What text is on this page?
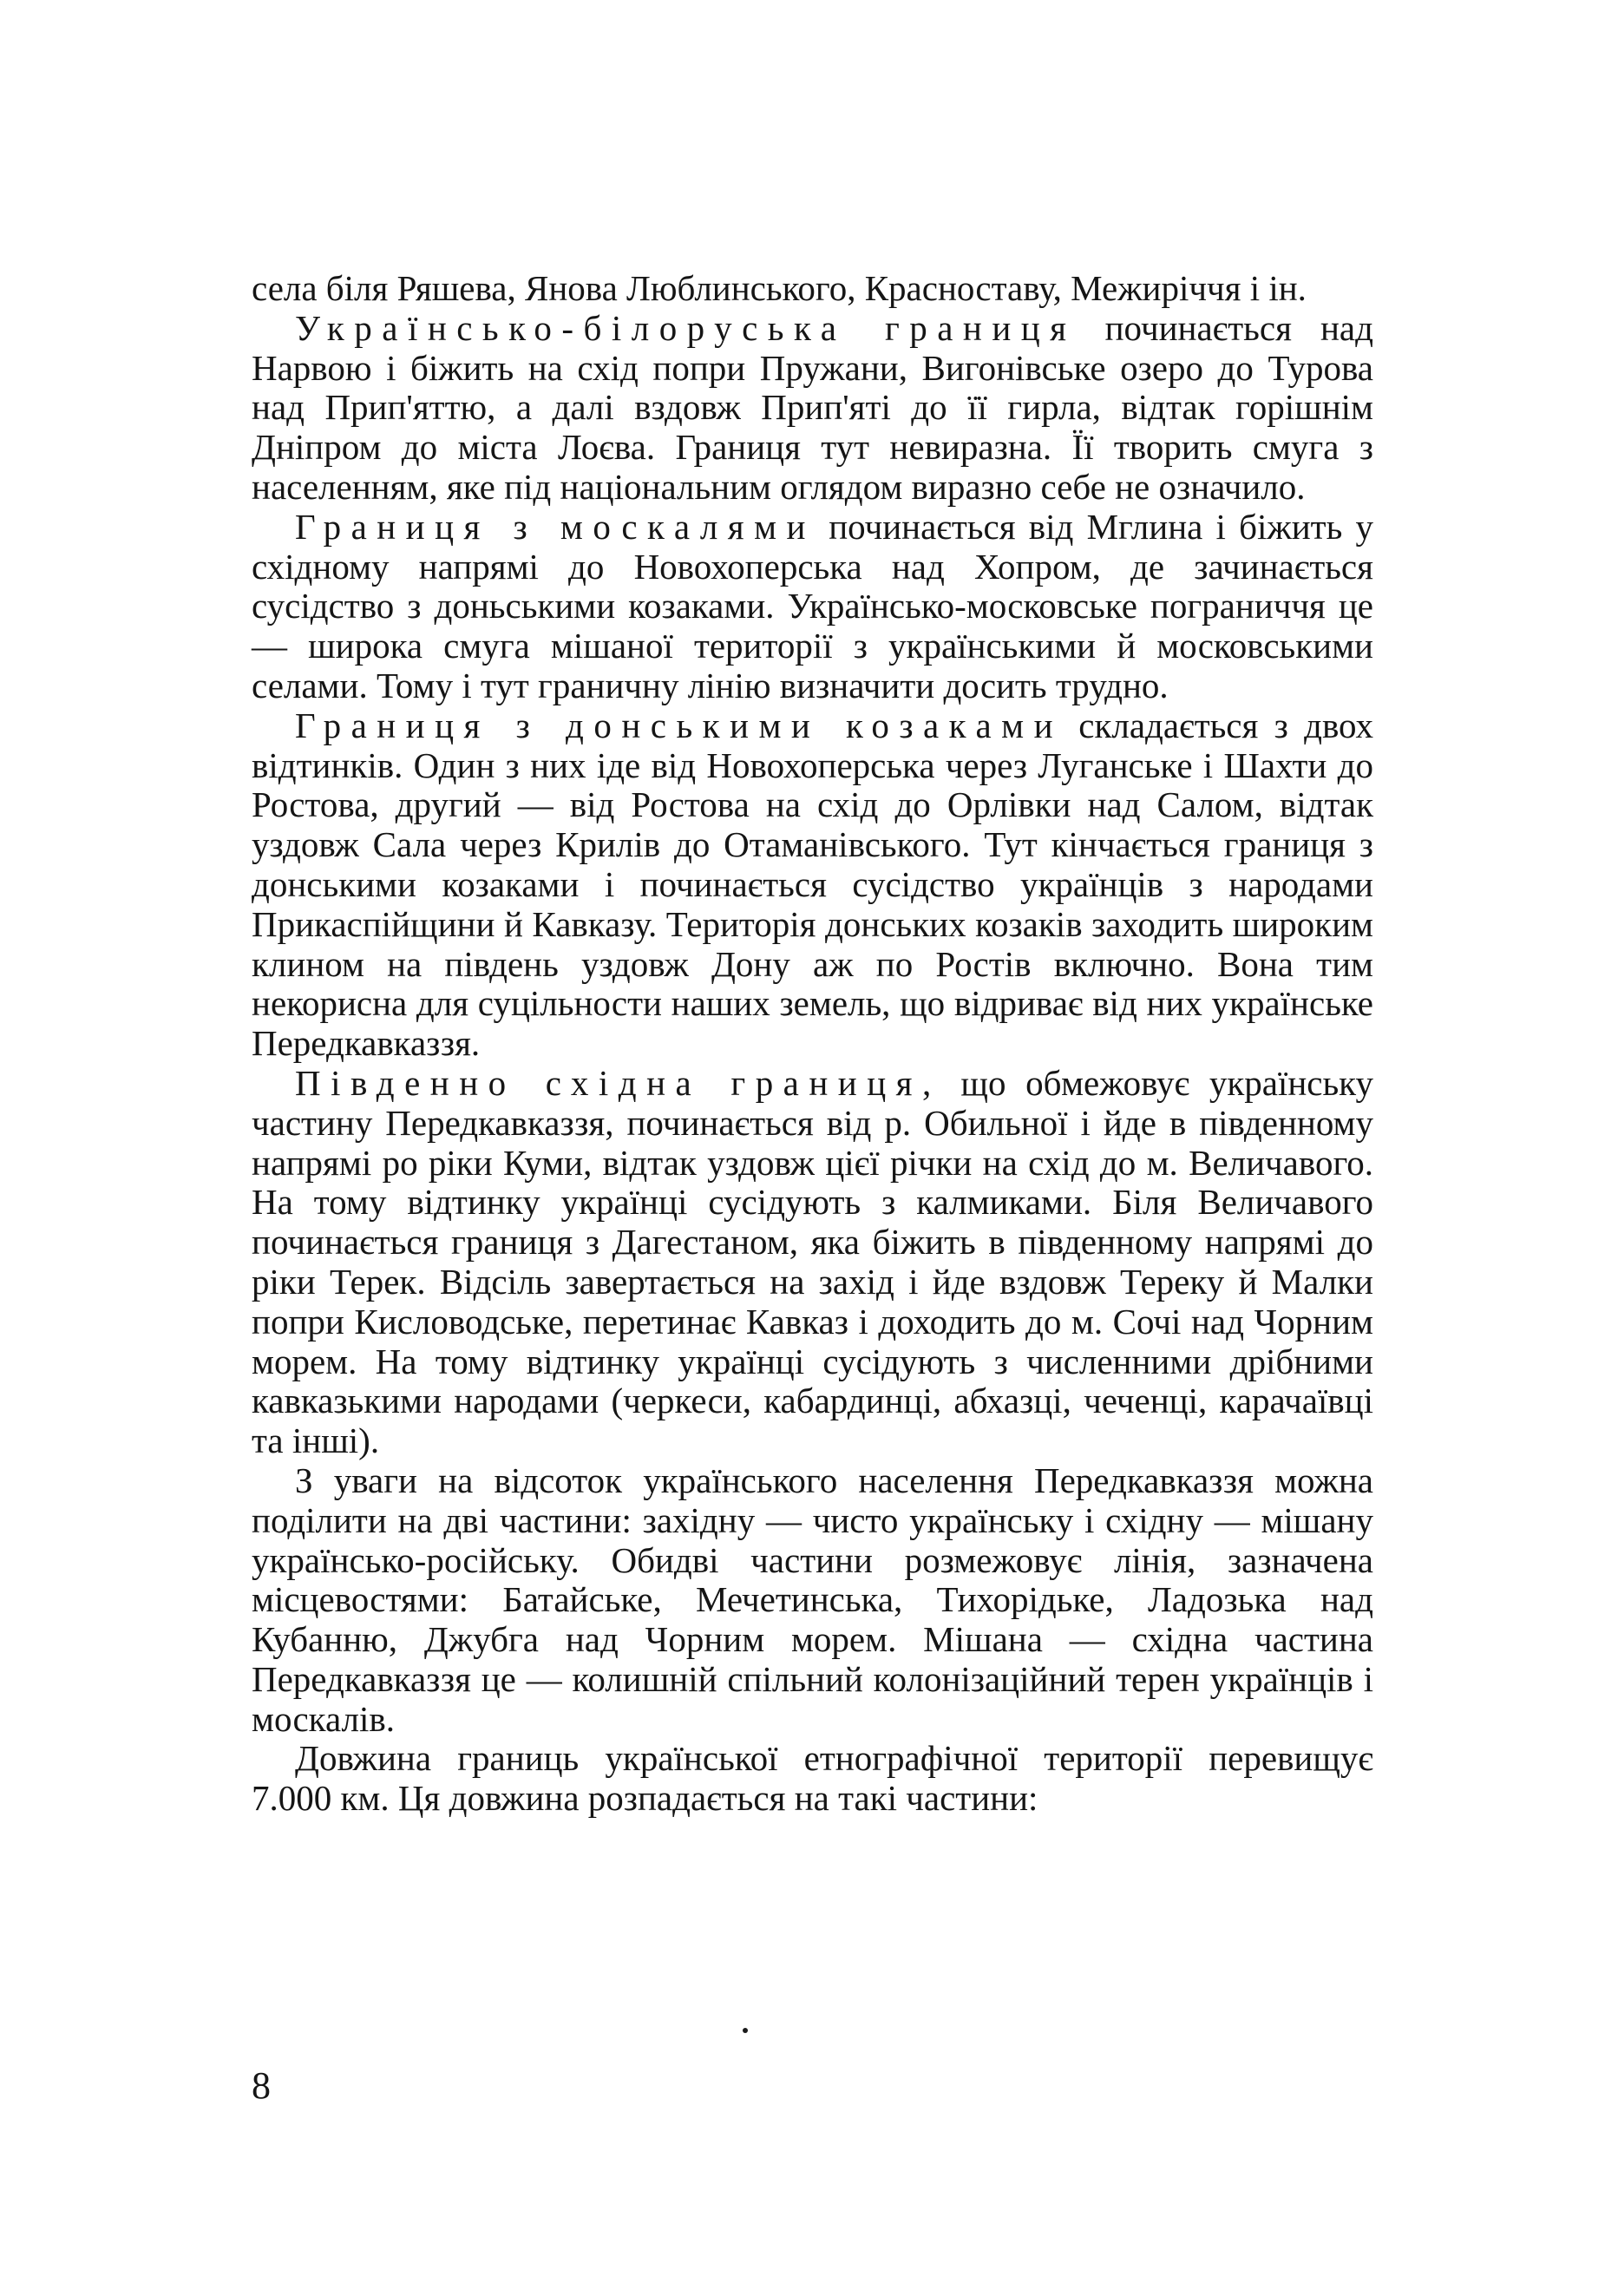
села біля Ряшева, Янова Люблинського, Красноставу, Межиріччя і ін.

Українсько-білоруська границя починається над Нарвою і біжить на схід попри Пружани, Вигонівське озеро до Турова над Прип'яттю, а далі вздовж Прип'яті до її гирла, відтак горішнім Дніпром до міста Лоєва. Границя тут невиразна. Її творить смуга з населенням, яке під національним оглядом виразно себе не означило.

Границя з москалями починається від Мглина і біжить у східному напрямі до Новохоперська над Хопром, де зачинається сусідство з доньськими козаками. Українсько-московське пограниччя це — широка смуга мішаної території з українськими й московськими селами. Тому і тут граничну лінію визначити досить трудно.

Границя з донськими козаками складається з двох відтинків. Один з них іде від Новохоперська через Луганське і Шахти до Ростова, другий — від Ростова на схід до Орлівки над Салом, відтак уздовж Сала через Крилів до Отаманівського. Тут кінчається границя з донськими козаками і починається сусідство українців з народами Прикаспійщини й Кавказу. Територія донських козаків заходить широким клином на південь уздовж Дону аж по Ростів включно. Вона тим некорисна для суцільности наших земель, що відриває від них українське Передкавказзя.

Південно східна границя, що обмежовує українську частину Передкавказзя, починається від р. Обильної і йде в південному напрямі ро ріки Куми, відтак уздовж цієї річки на схід до м. Величавого. На тому відтинку українці сусідують з калмиками. Біля Величавого починається границя з Дагестаном, яка біжить в південному напрямі до ріки Терек. Відсіль завертається на захід і йде вздовж Тереку й Малки попри Кисловодське, перетинає Кавказ і доходить до м. Сочі над Чорним морем. На тому відтинку українці сусідують з численними дрібними кавказькими народами (черкеси, кабардинці, абхазці, чеченці, карачаївці та інші).

З уваги на відсоток українського населення Передкавказзя можна поділити на дві частини: західну — чисто українську і східну — мішану українсько-російську. Обидві частини розмежовує лінія, зазначена місцевостями: Батайське, Мечетинська, Тихорідьке, Ладозька над Кубанню, Джубга над Чорним морем. Мішана — східна частина Передкавказзя це — колишній спільний колонізаційний терен українців і москалів.

Довжина границь української етнографічної території перевищує 7.000 км. Ця довжина розпадається на такі частини:

8
